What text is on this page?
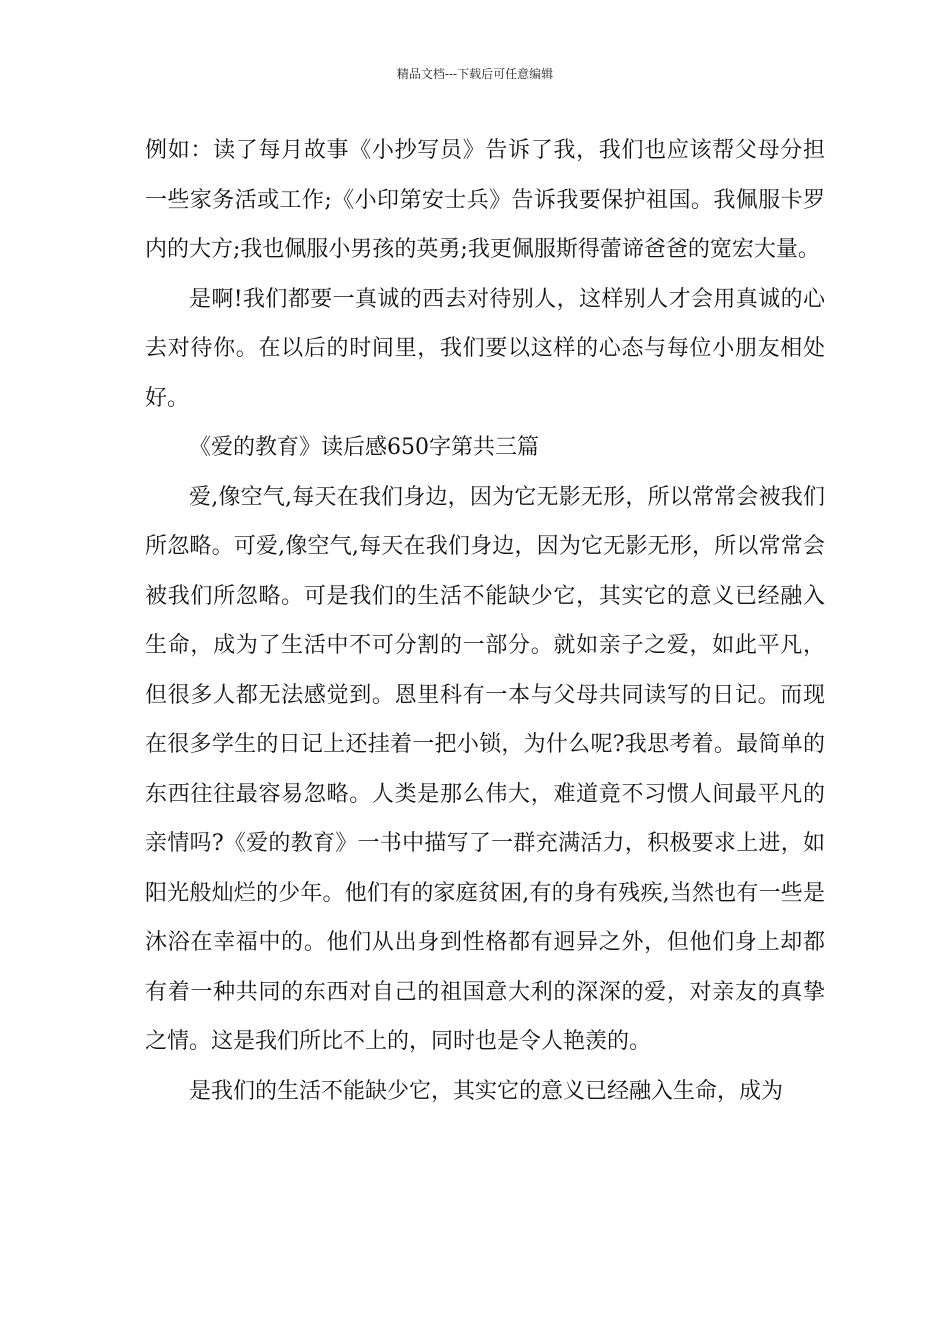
精品文档---下载后可任意编辑

例如：读了每月故事《小抄写员》告诉了我，我们也应该帮父母分担一些家务活或工作;《小印第安士兵》告诉我要保护祖国。我佩服卡罗内的大方;我也佩服小男孩的英勇;我更佩服斯得蕾谛爸爸的宽宏大量。

是啊!我们都要一真诚的西去对待别人，这样别人才会用真诚的心去对待你。在以后的时间里，我们要以这样的心态与每位小朋友相处好。

《爱的教育》读后感650字第共三篇

爱,像空气,每天在我们身边，因为它无影无形，所以常常会被我们所忽略。可爱,像空气,每天在我们身边，因为它无影无形，所以常常会被我们所忽略。可是我们的生活不能缺少它，其实它的意义已经融入生命，成为了生活中不可分割的一部分。就如亲子之爱，如此平凡，但很多人都无法感觉到。恩里科有一本与父母共同读写的日记。而现在很多学生的日记上还挂着一把小锁，为什么呢?我思考着。最简单的东西往往最容易忽略。人类是那么伟大，难道竟不习惯人间最平凡的亲情吗?《爱的教育》一书中描写了一群充满活力，积极要求上进，如阳光般灿烂的少年。他们有的家庭贫困,有的身有残疾,当然也有一些是沐浴在幸福中的。他们从出身到性格都有迥异之外，但他们身上却都有着一种共同的东西对自己的祖国意大利的深深的爱，对亲友的真挚之情。这是我们所比不上的，同时也是令人艳羡的。

是我们的生活不能缺少它，其实它的意义已经融入生命，成为
